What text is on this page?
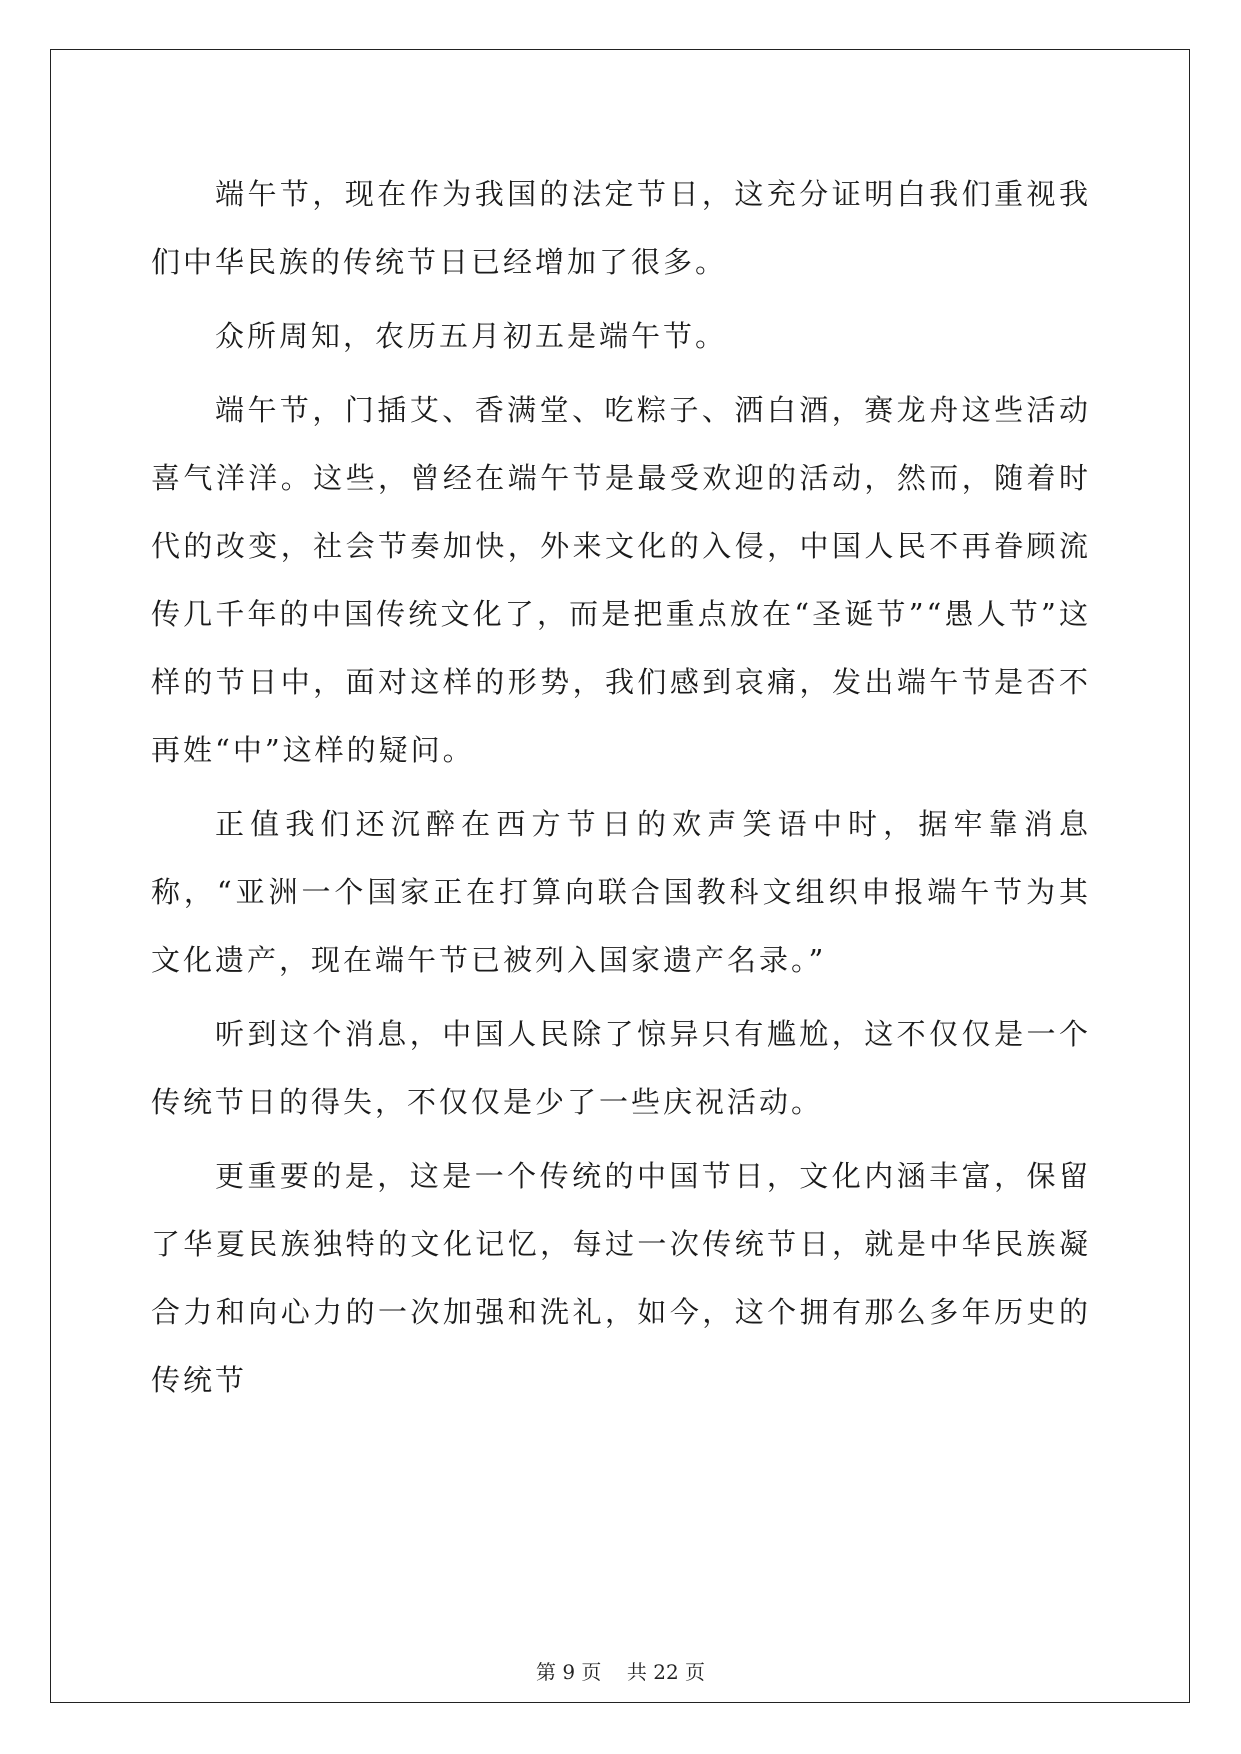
端午节，现在作为我国的法定节日，这充分证明白我们重视我们中华民族的传统节日已经增加了很多。

众所周知，农历五月初五是端午节。

端午节，门插艾、香满堂、吃粽子、洒白酒，赛龙舟这些活动喜气洋洋。这些，曾经在端午节是最受欢迎的活动，然而，随着时代的改变，社会节奏加快，外来文化的入侵，中国人民不再眷顾流传几千年的中国传统文化了，而是把重点放在“圣诞节”“愚人节”这样的节日中，面对这样的形势，我们感到哀痛，发出端午节是否不再姓“中”这样的疑问。

正值我们还沉醉在西方节日的欢声笑语中时，据牢靠消息称，“亚洲一个国家正在打算向联合国教科文组织申报端午节为其文化遗产，现在端午节已被列入国家遗产名录。”

听到这个消息，中国人民除了惊异只有尴尬，这不仅仅是一个传统节日的得失，不仅仅是少了一些庆祝活动。

更重要的是，这是一个传统的中国节日，文化内涵丰富，保留了华夏民族独特的文化记忆，每过一次传统节日，就是中华民族凝合力和向心力的一次加强和洗礼，如今，这个拥有那么多年历史的传统节

第 9 页 共 22 页
